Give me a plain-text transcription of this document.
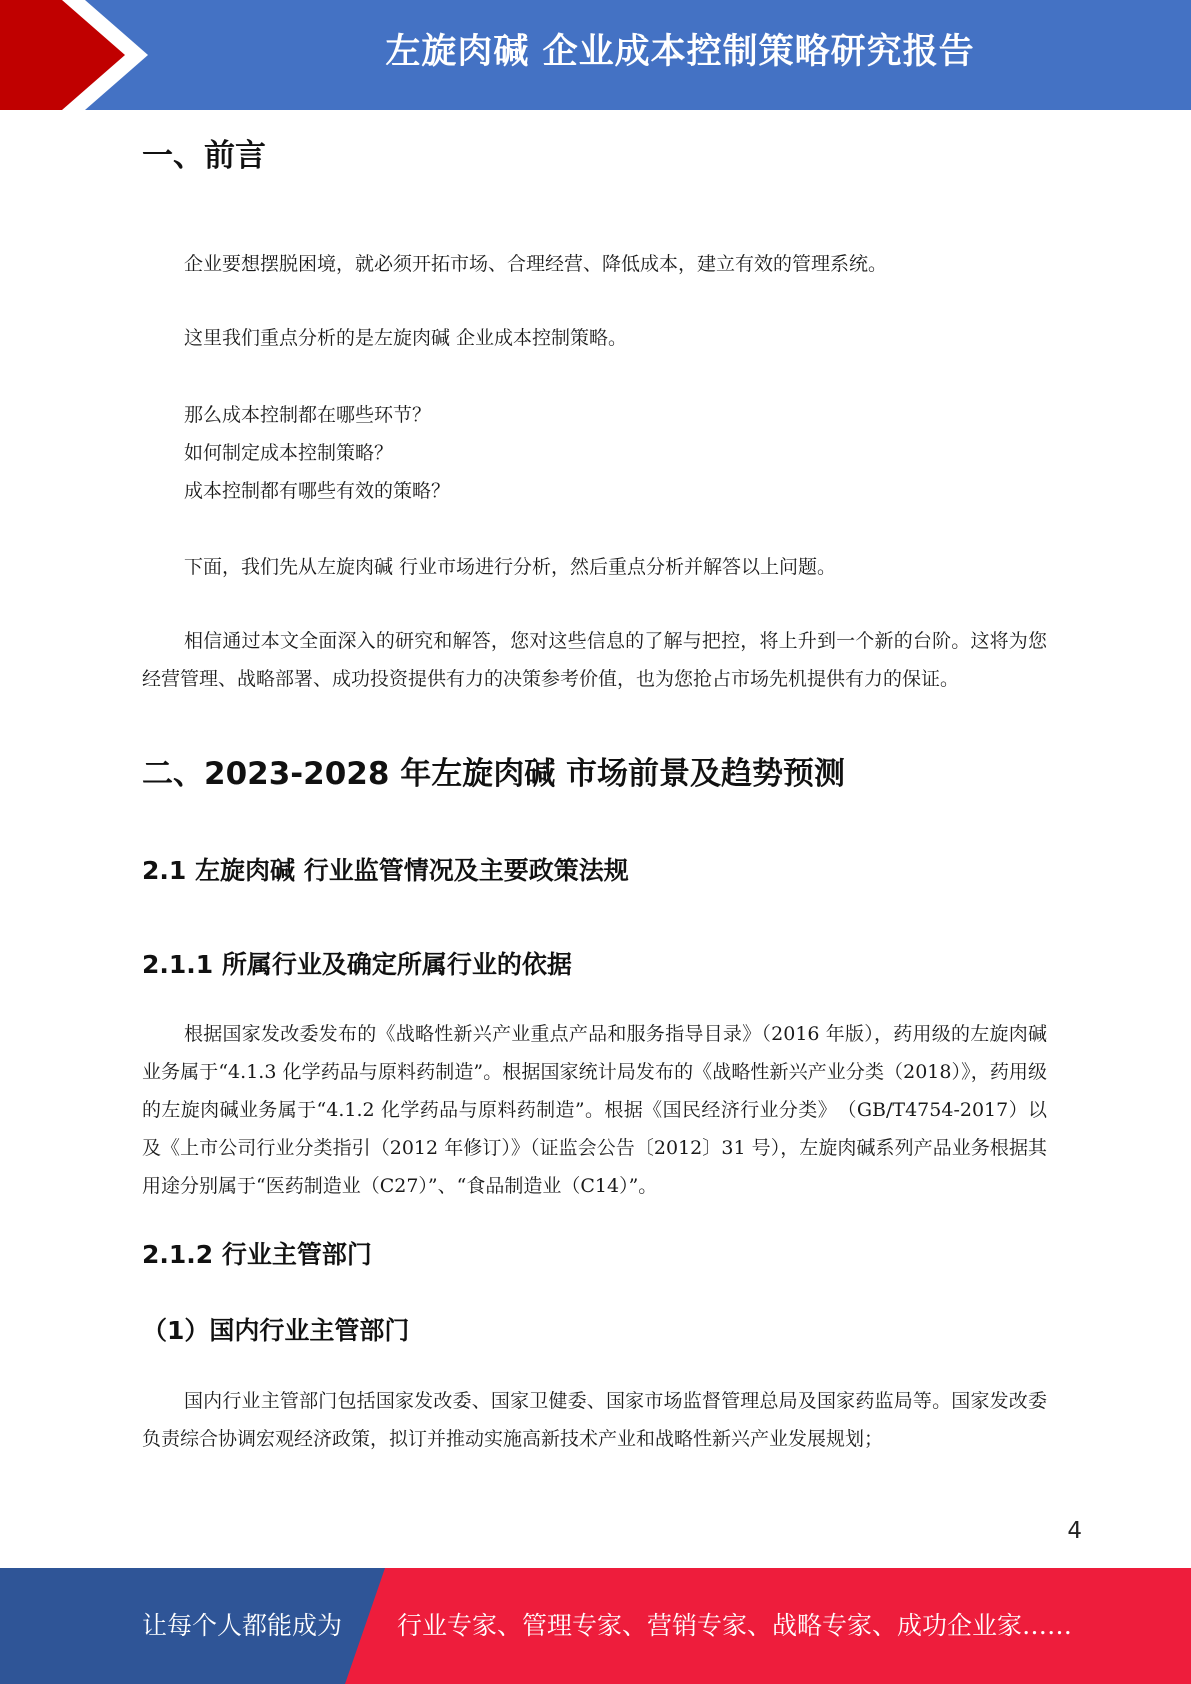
左旋肉碱 企业成本控制策略研究报告
一、前言

企业要想摆脱困境，就必须开拓市场、合理经营、降低成本，建立有效的管理系统。

这里我们重点分析的是左旋肉碱 企业成本控制策略。

那么成本控制都在哪些环节？

如何制定成本控制策略？

成本控制都有哪些有效的策略？

下面，我们先从左旋肉碱 行业市场进行分析，然后重点分析并解答以上问题。

相信通过本文全面深入的研究和解答，您对这些信息的了解与把控，将上升到一个新的台阶。这将为您经营管理、战略部署、成功投资提供有力的决策参考价值，也为您抢占市场先机提供有力的保证。

二、2023-2028 年左旋肉碱 市场前景及趋势预测
2.1 左旋肉碱 行业监管情况及主要政策法规
2.1.1 所属行业及确定所属行业的依据

根据国家发改委发布的《战略性新兴产业重点产品和服务指导目录》（2016 年版），药用级的左旋肉碱业务属于“4.1.3 化学药品与原料药制造”。根据国家统计局发布的《战略性新兴产业分类（2018）》，药用级的左旋肉碱业务属于“4.1.2 化学药品与原料药制造”。根据《国民经济行业分类》　（GB/T4754-2017）以及《上市公司行业分类指引（2012 年修订）》（证监会公告〔2012〕31 号），左旋肉碱系列产品业务根据其用途分别属于“医药制造业（C27）”、“食品制造业（C14）”。

2.1.2 行业主管部门
（1）国内行业主管部门

国内行业主管部门包括国家发改委、国家卫健委、国家市场监督管理总局及国家药监局等。国家发改委负责综合协调宏观经济政策，拟订并推动实施高新技术产业和战略性新兴产业发展规划；

4
让每个人都能成为 行业专家、管理专家、营销专家、战略专家、成功企业家……
